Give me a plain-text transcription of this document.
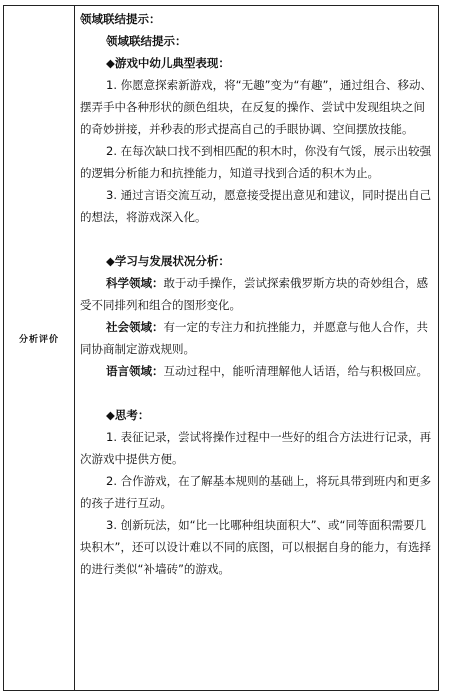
分析评价

领域联结提示：

领域联结提示：

◆游戏中幼儿典型表现：

1. 你愿意探索新游戏，将“无趣”变为“有趣”，通过组合、移动、摆弄手中各种形状的颜色组块，在反复的操作、尝试中发现组块之间的奇妙拼接，并秒表的形式提高自己的手眼协调、空间摆放技能。

2. 在每次缺口找不到相匹配的积木时，你没有气馁，展示出较强的逻辑分析能力和抗挫能力，知道寻找到合适的积木为止。

3. 通过言语交流互动，愿意接受提出意见和建议，同时提出自己的想法，将游戏深入化。

◆学习与发展状况分析：

科学领域：敢于动手操作，尝试探索俄罗斯方块的奇妙组合，感受不同排列和组合的图形变化。

社会领域：有一定的专注力和抗挫能力，并愿意与他人合作，共同协商制定游戏规则。

语言领域：互动过程中，能听清理解他人话语，给与积极回应。

◆思考：

1. 表征记录，尝试将操作过程中一些好的组合方法进行记录，再次游戏中提供方便。

2. 合作游戏，在了解基本规则的基础上，将玩具带到班内和更多的孩子进行互动。

3. 创新玩法，如“比一比哪种组块面积大”、或“同等面积需要几块积木”，还可以设计难以不同的底图，可以根据自身的能力，有选择的进行类似“补墙砖”的游戏。
